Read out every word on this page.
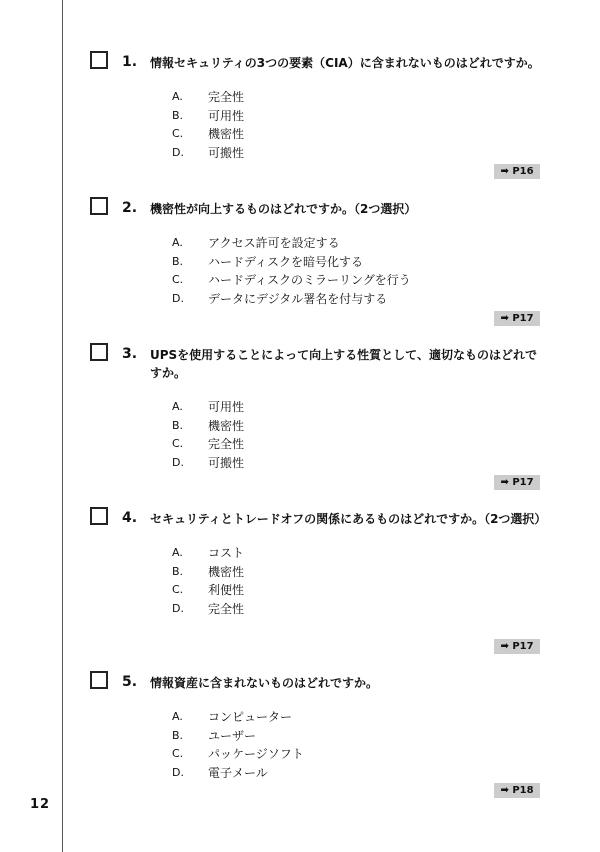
12
1. 情報セキュリティの3つの要素（CIA）に含まれないものはどれですか。
A. 完全性
B. 可用性
C. 機密性
D. 可搬性
➡ P16
2. 機密性が向上するものはどれですか。（2つ選択）
A. アクセス許可を設定する
B. ハードディスクを暗号化する
C. ハードディスクのミラーリングを行う
D. データにデジタル署名を付与する
➡ P17
3. UPSを使用することによって向上する性質として、適切なものはどれですか。
A. 可用性
B. 機密性
C. 完全性
D. 可搬性
➡ P17
4. セキュリティとトレードオフの関係にあるものはどれですか。（2つ選択）
A. コスト
B. 機密性
C. 利便性
D. 完全性
➡ P17
5. 情報資産に含まれないものはどれですか。
A. コンピューター
B. ユーザー
C. パッケージソフト
D. 電子メール
➡ P18
